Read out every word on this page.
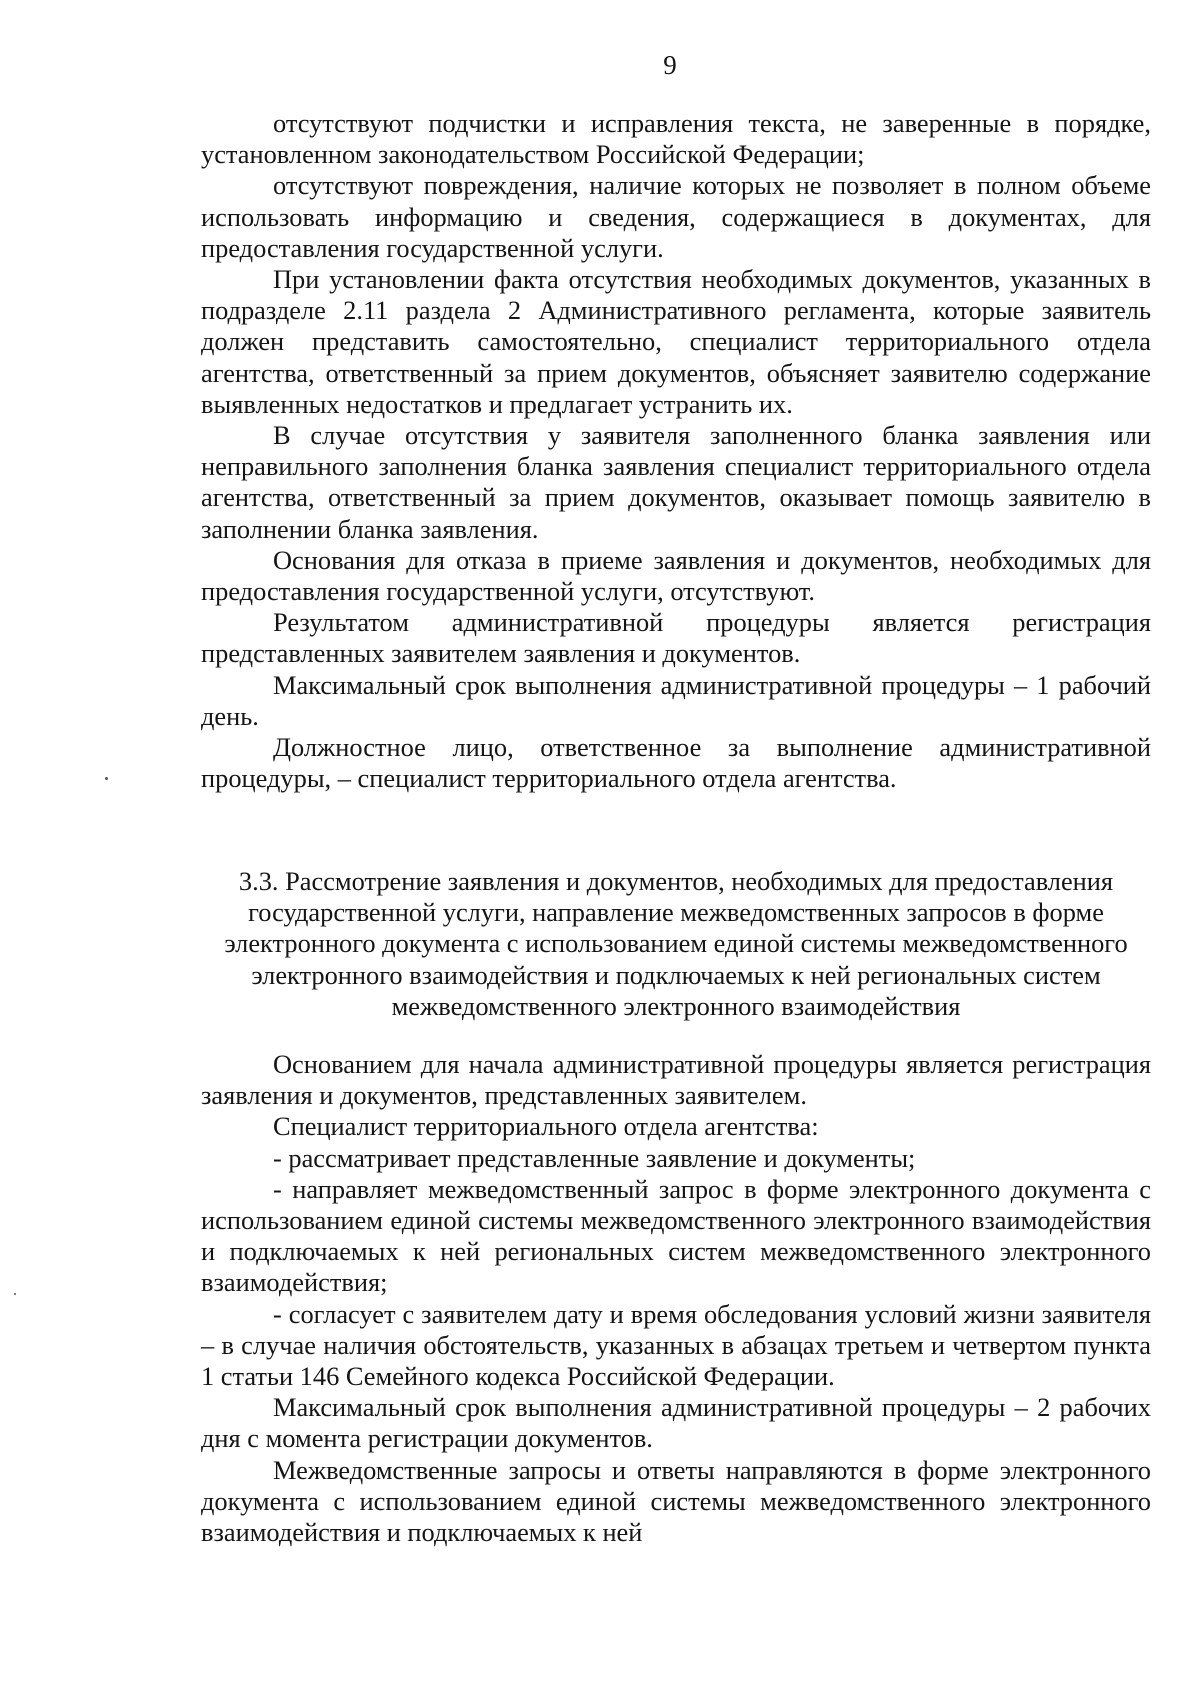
9

отсутствуют подчистки и исправления текста, не заверенные в порядке, установленном законодательством Российской Федерации;

отсутствуют повреждения, наличие которых не позволяет в полном объеме использовать информацию и сведения, содержащиеся в документах, для предоставления государственной услуги.

При установлении факта отсутствия необходимых документов, указанных в подразделе 2.11 раздела 2 Административного регламента, которые заявитель должен представить самостоятельно, специалист территориального отдела агентства, ответственный за прием документов, объясняет заявителю содержание выявленных недостатков и предлагает устранить их.

В случае отсутствия у заявителя заполненного бланка заявления или неправильного заполнения бланка заявления специалист территориального отдела агентства, ответственный за прием документов, оказывает помощь заявителю в заполнении бланка заявления.

Основания для отказа в приеме заявления и документов, необходимых для предоставления государственной услуги, отсутствуют.

Результатом административной процедуры является регистрация представленных заявителем заявления и документов.

Максимальный срок выполнения административной процедуры – 1 рабочий день.

Должностное лицо, ответственное за выполнение административной процедуры, – специалист территориального отдела агентства.

3.3. Рассмотрение заявления и документов, необходимых для предоставления государственной услуги, направление межведомственных запросов в форме электронного документа с использованием единой системы межведомственного электронного взаимодействия и подключаемых к ней региональных систем межведомственного электронного взаимодействия

Основанием для начала административной процедуры является регистрация заявления и документов, представленных заявителем.

Специалист территориального отдела агентства:

- рассматривает представленные заявление и документы;

- направляет межведомственный запрос в форме электронного документа с использованием единой системы межведомственного электронного взаимодействия и подключаемых к ней региональных систем межведомственного электронного взаимодействия;

- согласует с заявителем дату и время обследования условий жизни заявителя – в случае наличия обстоятельств, указанных в абзацах третьем и четвертом пункта 1 статьи 146 Семейного кодекса Российской Федерации.

Максимальный срок выполнения административной процедуры – 2 рабочих дня с момента регистрации документов.

Межведомственные запросы и ответы направляются в форме электронного документа с использованием единой системы межведомственного электронного взаимодействия и подключаемых к ней
